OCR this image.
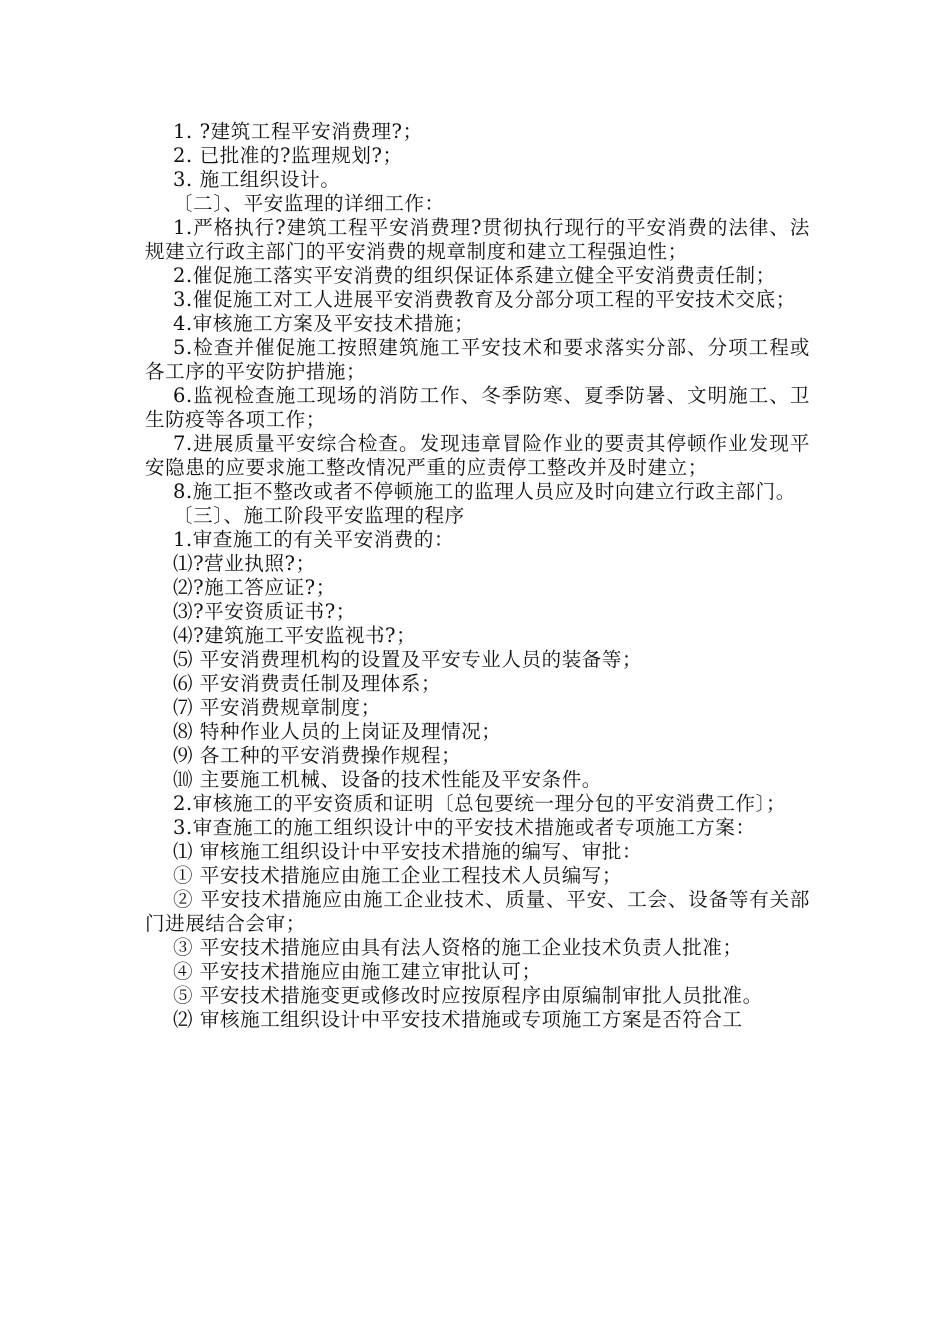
1. ?建筑工程平安消费理?；

2. 已批准的?监理规划?；

3. 施工组织设计。

〔二〕、平安监理的详细工作：

1.严格执行?建筑工程平安消费理?贯彻执行现行的平安消费的法律、法规建立行政主部门的平安消费的规章制度和建立工程强迫性；

2.催促施工落实平安消费的组织保证体系建立健全平安消费责任制；

3.催促施工对工人进展平安消费教育及分部分项工程的平安技术交底；

4.审核施工方案及平安技术措施；

5.检查并催促施工按照建筑施工平安技术和要求落实分部、分项工程或各工序的平安防护措施；

6.监视检查施工现场的消防工作、冬季防寒、夏季防暑、文明施工、卫生防疫等各项工作；

7.进展质量平安综合检查。发现违章冒险作业的要责其停顿作业发现平安隐患的应要求施工整改情况严重的应责停工整改并及时建立；

8.施工拒不整改或者不停顿施工的监理人员应及时向建立行政主部门。

〔三〕、施工阶段平安监理的程序

1.审查施工的有关平安消费的：

⑴?营业执照?；

⑵?施工答应证?；

⑶?平安资质证书?；

⑷?建筑施工平安监视书?；

⑸ 平安消费理机构的设置及平安专业人员的装备等；

⑹ 平安消费责任制及理体系；

⑺ 平安消费规章制度；

⑻ 特种作业人员的上岗证及理情况；

⑼ 各工种的平安消费操作规程；

⑽ 主要施工机械、设备的技术性能及平安条件。

2.审核施工的平安资质和证明〔总包要统一理分包的平安消费工作〕；

3.审查施工的施工组织设计中的平安技术措施或者专项施工方案：

⑴ 审核施工组织设计中平安技术措施的编写、审批：

① 平安技术措施应由施工企业工程技术人员编写；

② 平安技术措施应由施工企业技术、质量、平安、工会、设备等有关部门进展结合会审；

③ 平安技术措施应由具有法人资格的施工企业技术负责人批准；

④ 平安技术措施应由施工建立审批认可；

⑤ 平安技术措施变更或修改时应按原程序由原编制审批人员批准。

⑵ 审核施工组织设计中平安技术措施或专项施工方案是否符合工
